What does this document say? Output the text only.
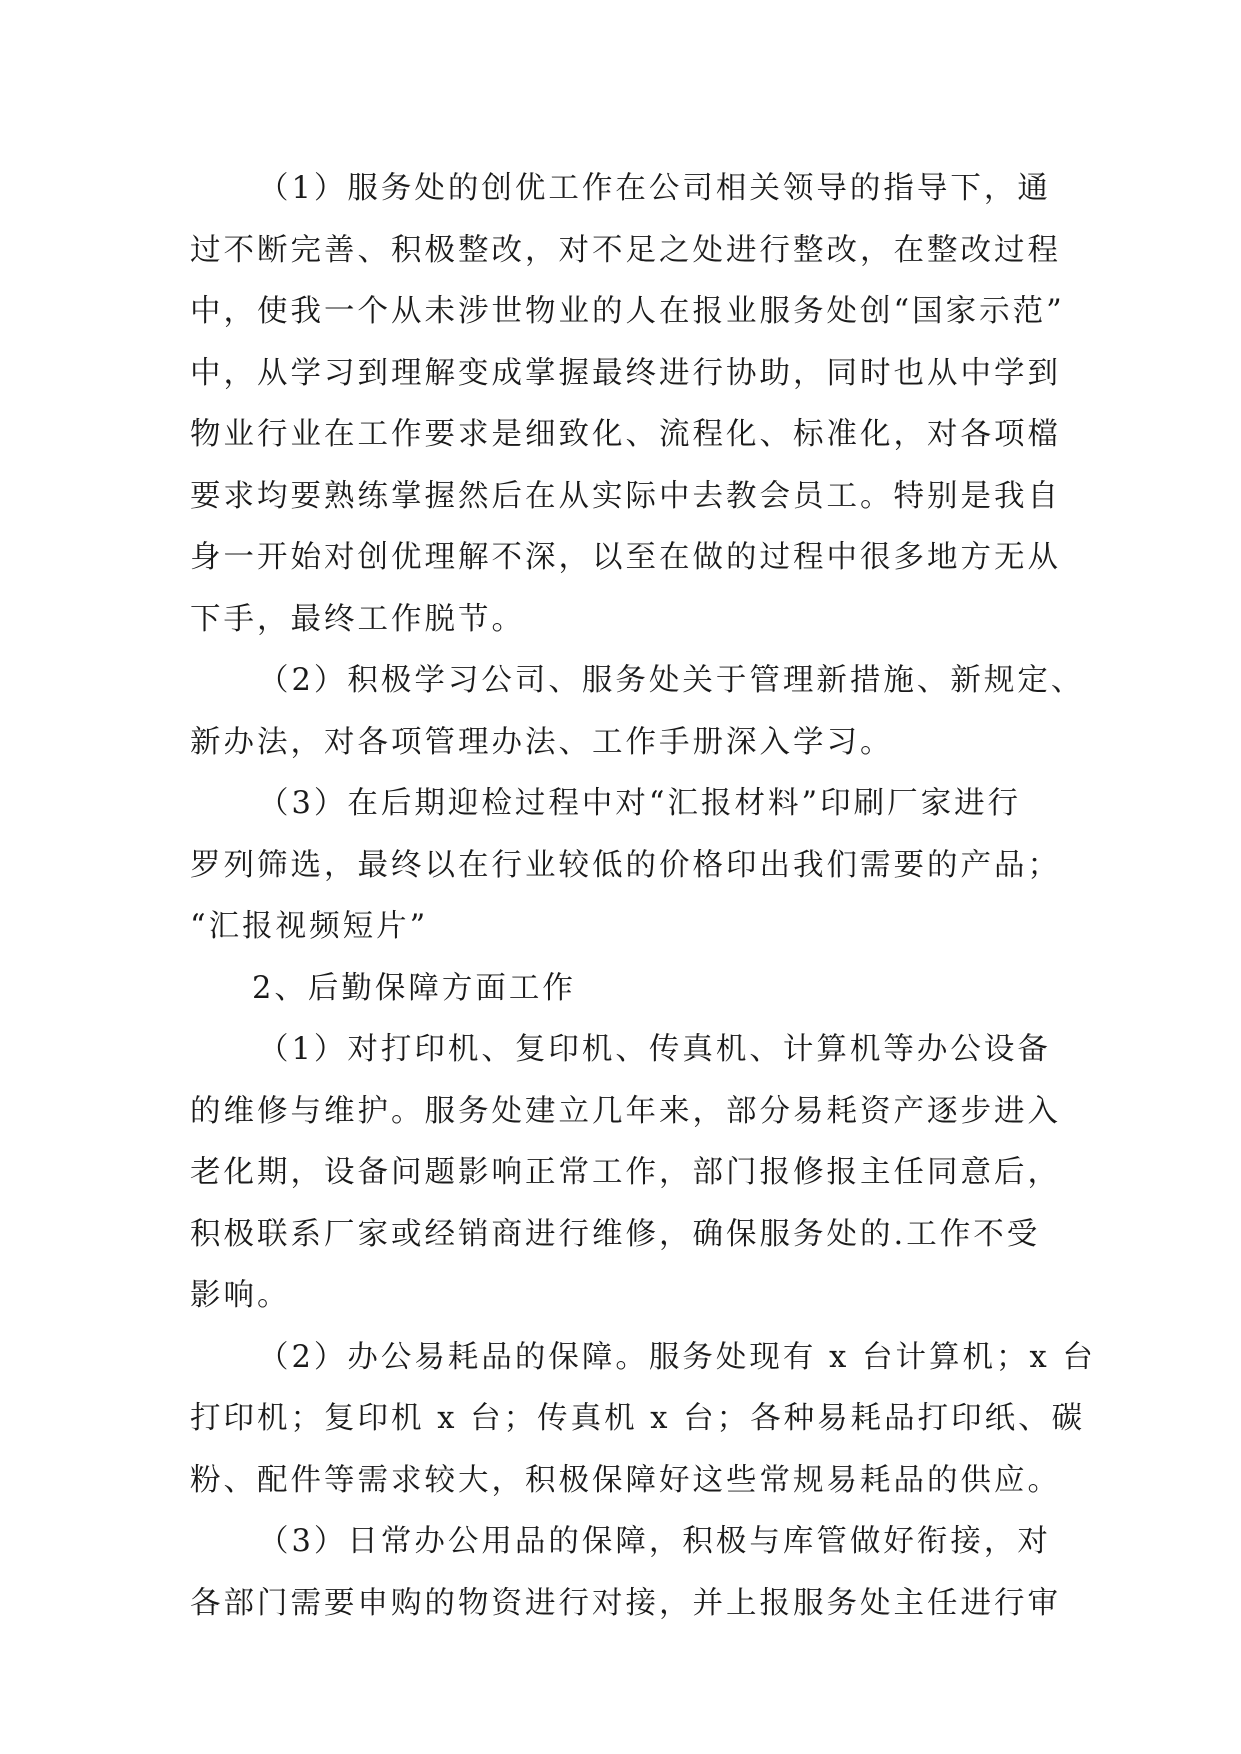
（1）服务处的创优工作在公司相关领导的指导下，通
过不断完善、积极整改，对不足之处进行整改，在整改过程
中，使我一个从未涉世物业的人在报业服务处创“国家示范”
中，从学习到理解变成掌握最终进行协助，同时也从中学到
物业行业在工作要求是细致化、流程化、标准化，对各项檔
要求均要熟练掌握然后在从实际中去教会员工。特别是我自
身一开始对创优理解不深，以至在做的过程中很多地方无从
下手，最终工作脱节。
（2）积极学习公司、服务处关于管理新措施、新规定、
新办法，对各项管理办法、工作手册深入学习。
（3）在后期迎检过程中对“汇报材料”印刷厂家进行
罗列筛选，最终以在行业较低的价格印出我们需要的产品；
“汇报视频短片”
2、后勤保障方面工作
（1）对打印机、复印机、传真机、计算机等办公设备
的维修与维护。服务处建立几年来，部分易耗资产逐步进入
老化期，设备问题影响正常工作，部门报修报主任同意后，
积极联系厂家或经销商进行维修，确保服务处的.工作不受
影响。
（2）办公易耗品的保障。服务处现有 x 台计算机；x 台
打印机；复印机 x 台；传真机 x 台；各种易耗品打印纸、碳
粉、配件等需求较大，积极保障好这些常规易耗品的供应。
（3）日常办公用品的保障，积极与库管做好衔接，对
各部门需要申购的物资进行对接，并上报服务处主任进行审
